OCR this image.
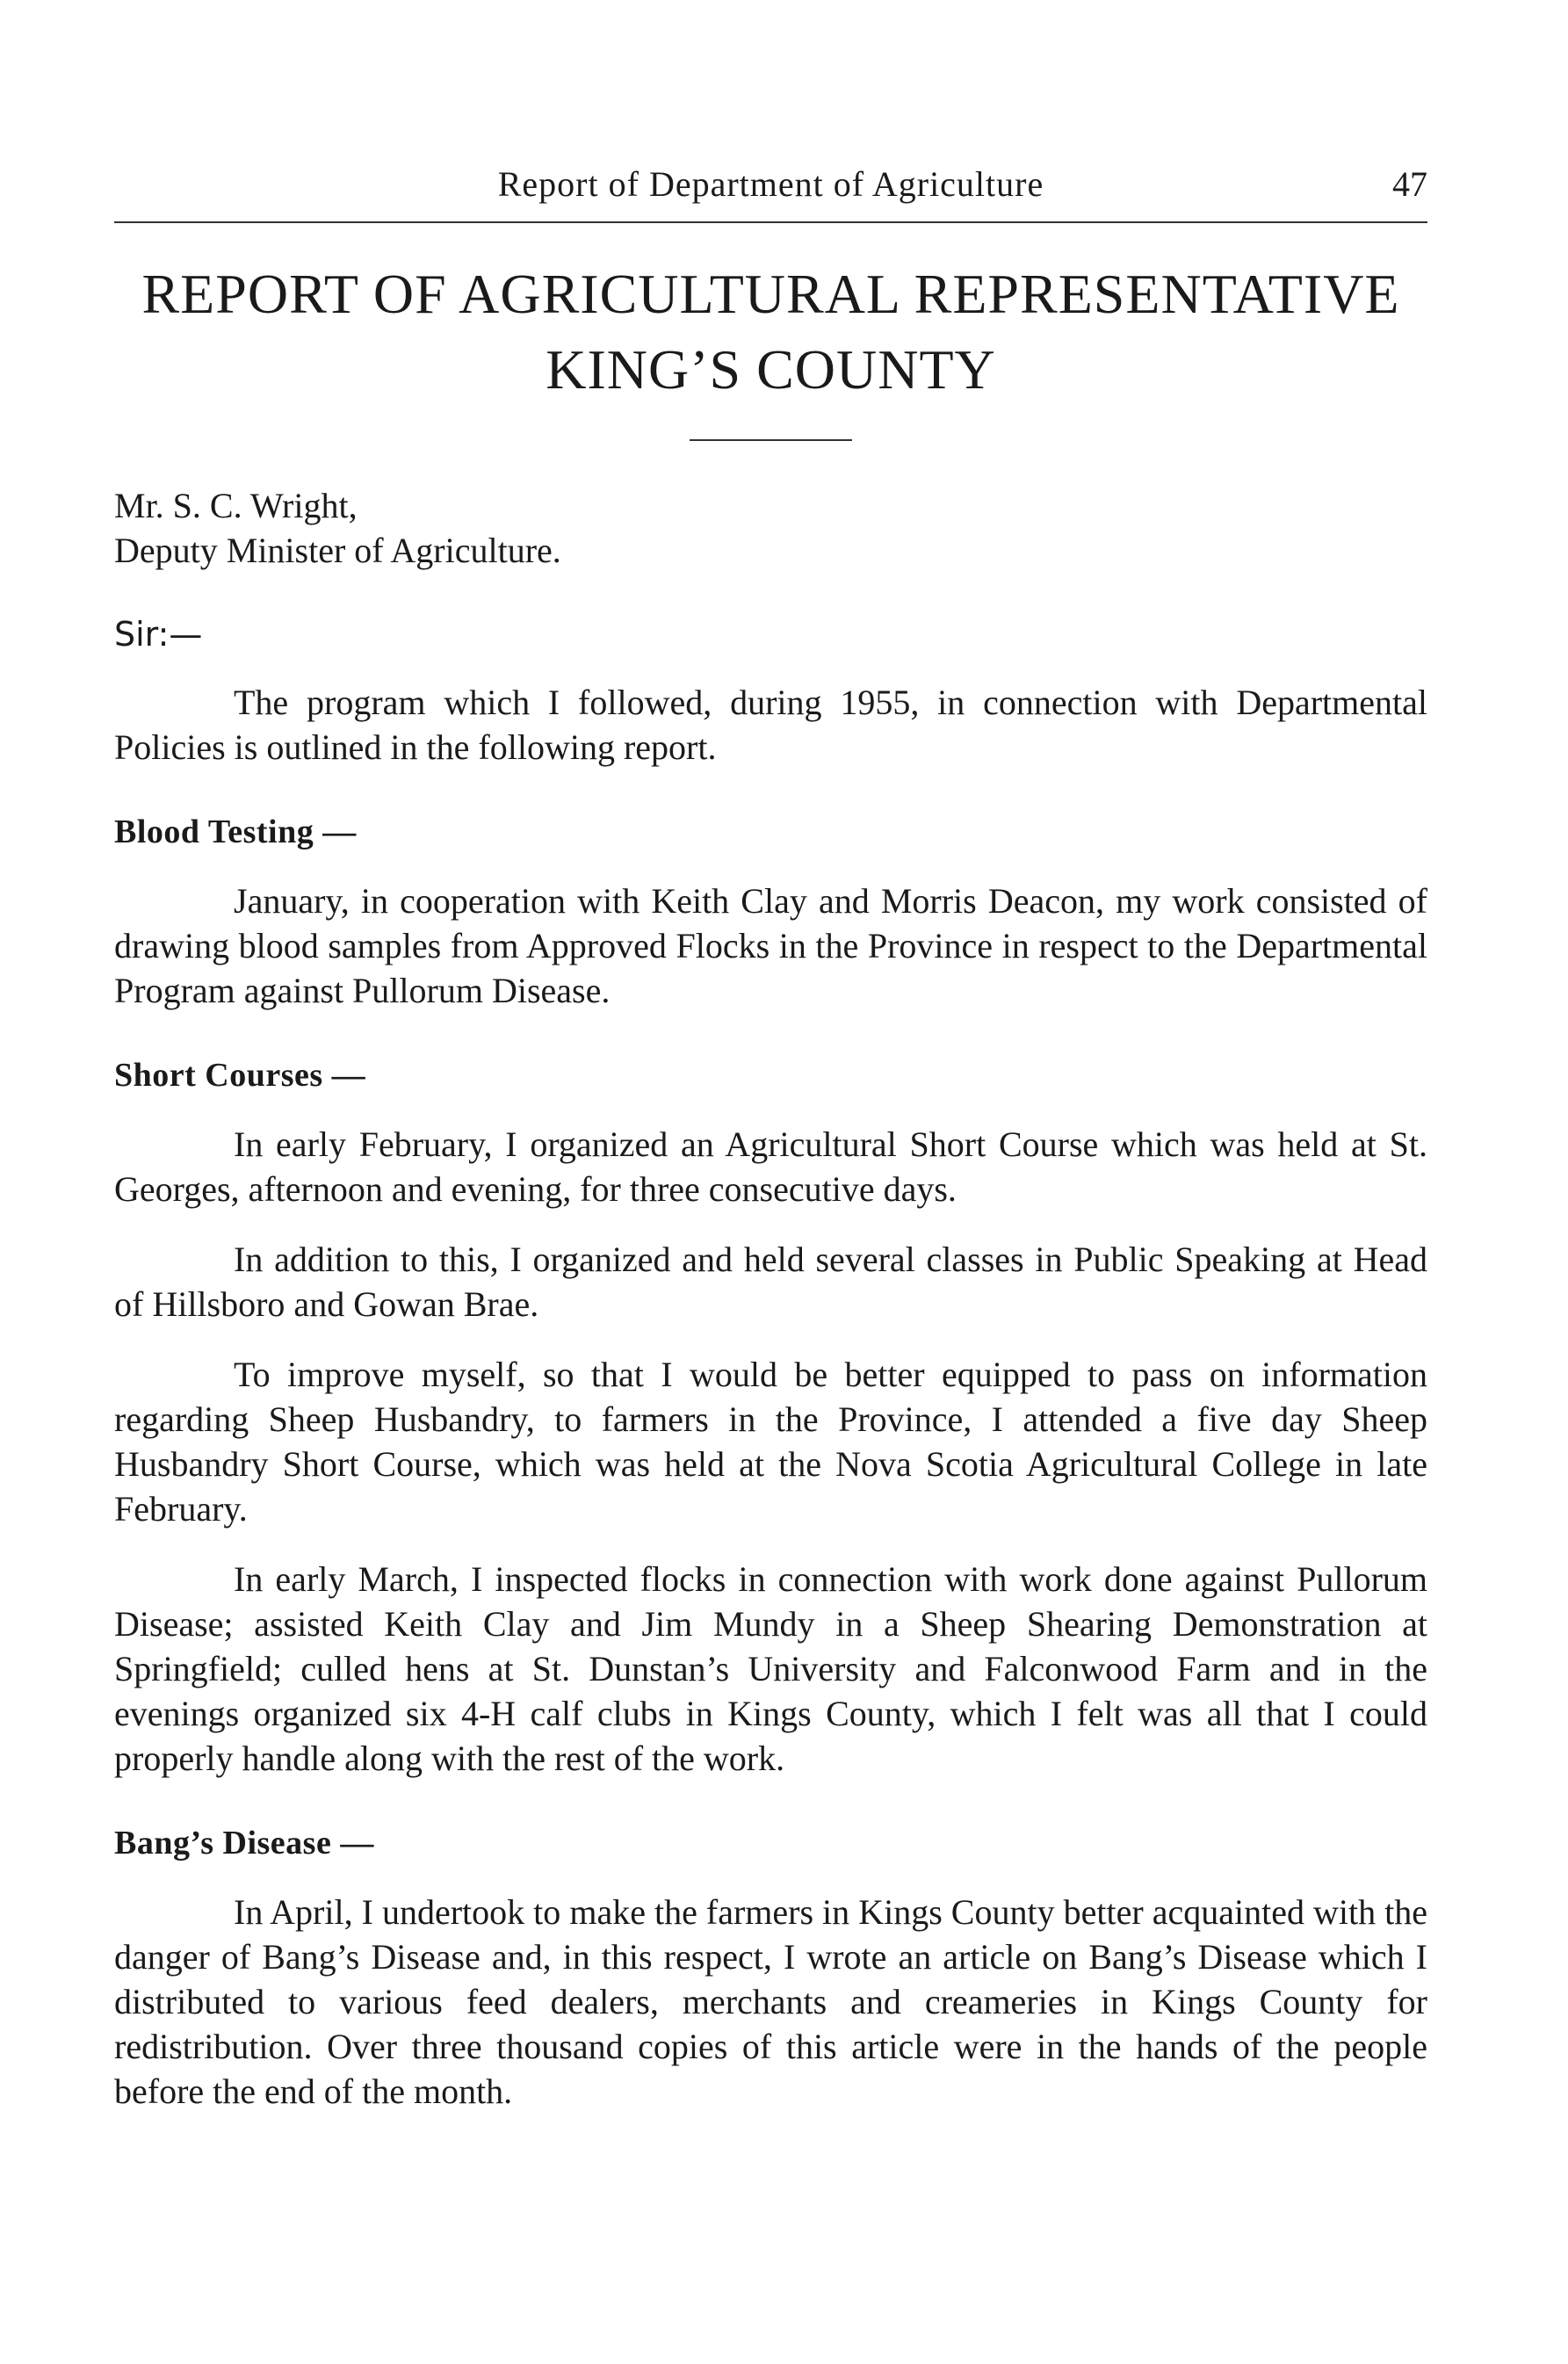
Report of Department of Agriculture	47
REPORT OF AGRICULTURAL REPRESENTATIVE
KING’S COUNTY
Mr. S. C. Wright,
Deputy Minister of Agriculture.
Sir:—

The program which I followed, during 1955, in connection with Departmental Policies is outlined in the following report.

Blood Testing —

January, in cooperation with Keith Clay and Morris Deacon, my work consisted of drawing blood samples from Approved Flocks in the Province in respect to the Departmental Program against Pullorum Disease.

Short Courses —

In early February, I organized an Agricultural Short Course which was held at St. Georges, afternoon and evening, for three consecutive days.

In addition to this, I organized and held several classes in Public Speaking at Head of Hillsboro and Gowan Brae.

To improve myself, so that I would be better equipped to pass on information regarding Sheep Husbandry, to farmers in the Province, I attended a five day Sheep Husbandry Short Course, which was held at the Nova Scotia Agricultural College in late February.

In early March, I inspected flocks in connection with work done against Pullorum Disease; assisted Keith Clay and Jim Mundy in a Sheep Shearing Demonstration at Springfield; culled hens at St. Dunstan’s University and Falconwood Farm and in the evenings organized six 4-H calf clubs in Kings County, which I felt was all that I could properly handle along with the rest of the work.

Bang’s Disease —

In April, I undertook to make the farmers in Kings County better acquainted with the danger of Bang’s Disease and, in this respect, I wrote an article on Bang’s Disease which I distributed to various feed dealers, merchants and creameries in Kings County for redistribution. Over three thousand copies of this article were in the hands of the people before the end of the month.
